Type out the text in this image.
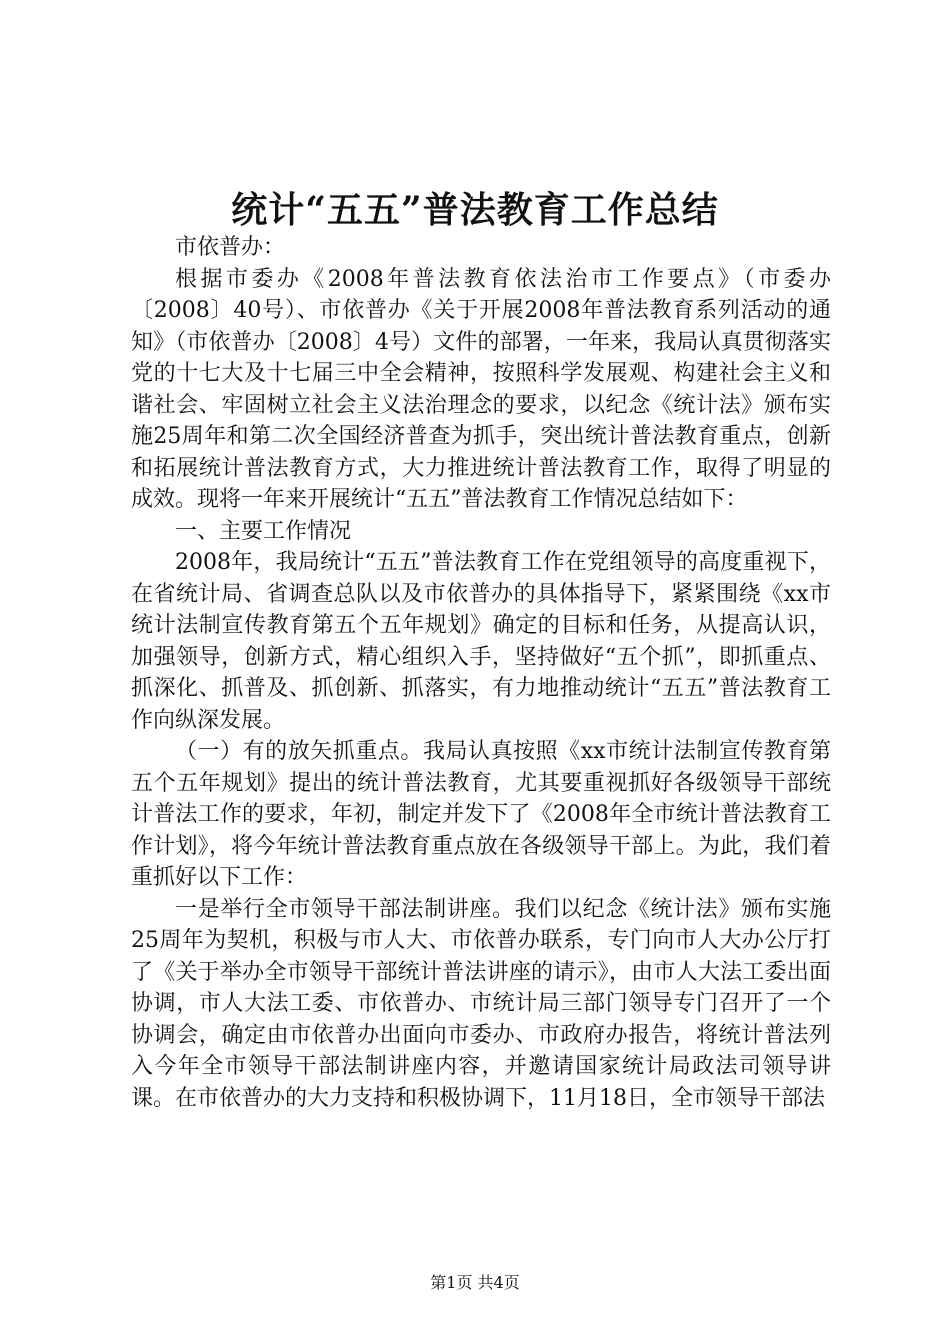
统计“五五”普法教育工作总结

市依普办：

根据市委办《2008年普法教育依法治市工作要点》（市委办〔2008〕40号）、市依普办《关于开展2008年普法教育系列活动的通知》（市依普办〔2008〕4号）文件的部署，一年来，我局认真贯彻落实党的十七大及十七届三中全会精神，按照科学发展观、构建社会主义和谐社会、牢固树立社会主义法治理念的要求，以纪念《统计法》颁布实施25周年和第二次全国经济普查为抓手，突出统计普法教育重点，创新和拓展统计普法教育方式，大力推进统计普法教育工作，取得了明显的成效。现将一年来开展统计“五五”普法教育工作情况总结如下：

一、主要工作情况

2008年，我局统计“五五”普法教育工作在党组领导的高度重视下，在省统计局、省调查总队以及市依普办的具体指导下，紧紧围绕《xx市统计法制宣传教育第五个五年规划》确定的目标和任务，从提高认识，加强领导，创新方式，精心组织入手，坚持做好“五个抓”，即抓重点、抓深化、抓普及、抓创新、抓落实，有力地推动统计“五五”普法教育工作向纵深发展。

（一）有的放矢抓重点。我局认真按照《xx市统计法制宣传教育第五个五年规划》提出的统计普法教育，尤其要重视抓好各级领导干部统计普法工作的要求，年初，制定并发下了《2008年全市统计普法教育工作计划》，将今年统计普法教育重点放在各级领导干部上。为此，我们着重抓好以下工作：

一是举行全市领导干部法制讲座。我们以纪念《统计法》颁布实施25周年为契机，积极与市人大、市依普办联系，专门向市人大办公厅打了《关于举办全市领导干部统计普法讲座的请示》，由市人大法工委出面协调，市人大法工委、市依普办、市统计局三部门领导专门召开了一个协调会，确定由市依普办出面向市委办、市政府办报告，将统计普法列入今年全市领导干部法制讲座内容，并邀请国家统计局政法司领导讲课。在市依普办的大力支持和积极协调下，11月18日，全市领导干部法

第1页 共4页
